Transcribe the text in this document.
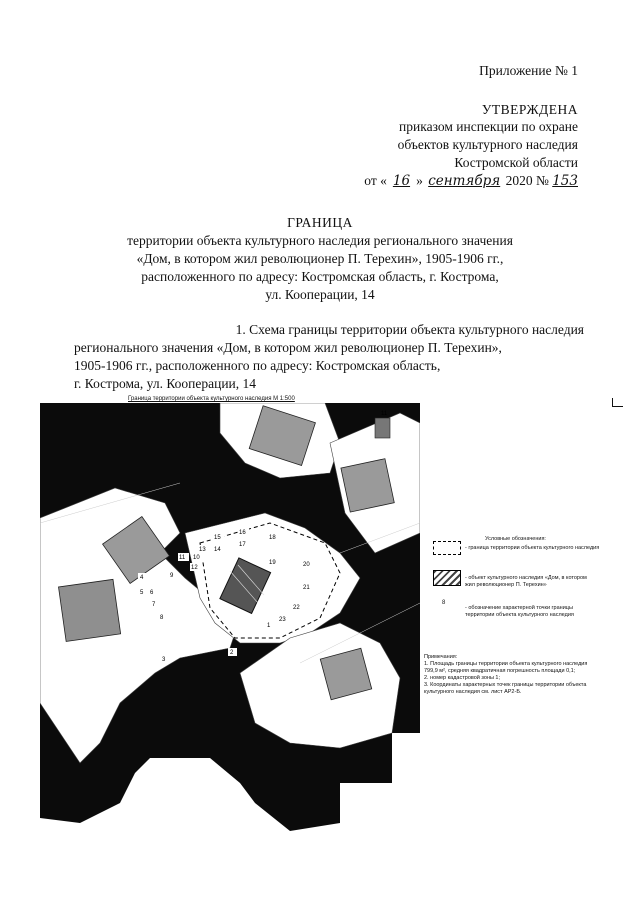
Приложение № 1
УТВЕРЖДЕНА
приказом инспекции по охране
объектов культурного наследия
Костромской области
от « 16 » сентября 2020 № 153
ГРАНИЦА
территории объекта культурного наследия регионального значения
«Дом, в котором жил революционер П. Терехин», 1905-1906 гг.,
расположенного по адресу: Костромская область, г. Кострома,
ул. Кооперации, 14
1. Схема границы территории объекта культурного наследия
регионального значения «Дом, в котором жил революционер П. Терехин»,
1905-1906 гг., расположенного по адресу: Костромская область,
г. Кострома, ул. Кооперации, 14
Граница территории объекта культурного наследия М 1:500
1
2
3
4
5 6
7
8
9
10
11
12
13 14
15
16
17
18
19	20
21
22
23
11
Условные обозначения:
- граница территории объекта культурного наследия
- объект культурного наследия «Дом, в котором
жил революционер П. Терехин»
8
- обозначение характерной точки границы
территории объекта культурного наследия
Примечания:
1. Площадь границы территории объекта культурного наследия
799,9 м², средняя квадратичная погрешность площади 0,1;
2. номер кадастровой зоны 1;
3. Координаты характерных точек границы территории объекта
культурного наследия см. лист АР2-Б.
